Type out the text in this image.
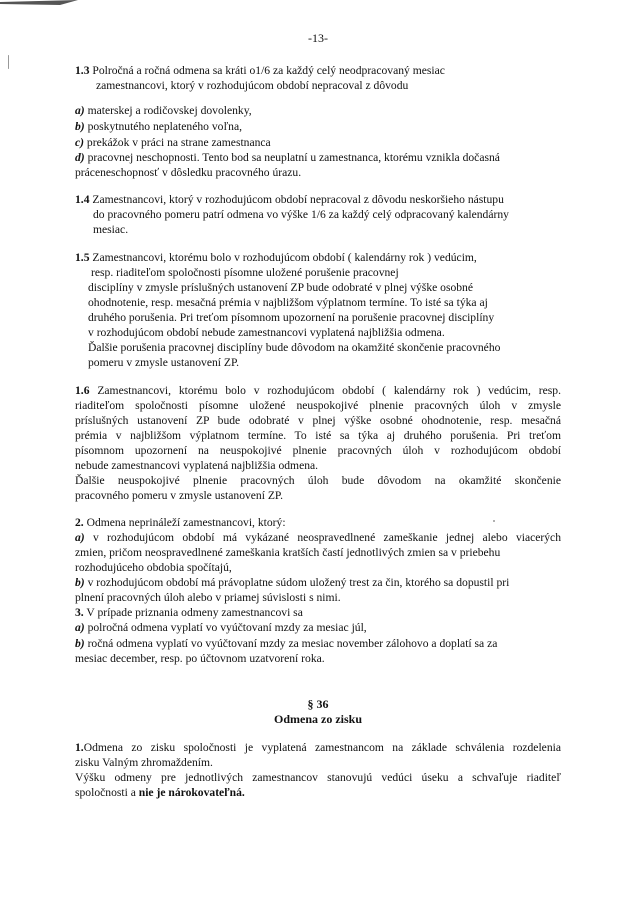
-13-
1.3 Polročná a ročná odmena sa kráti o1/6 za každý celý neodpracovaný mesiac
zamestnancovi, ktorý v rozhodujúcom období nepracoval z dôvodu
a) materskej a rodičovskej dovolenky,
b) poskytnutého neplateného voľna,
c) prekážok v práci na strane zamestnanca
d) pracovnej neschopnosti. Tento bod sa neuplatní u zamestnanca, ktorému vznikla dočasná
práceneschopnosť v dôsledku pracovného úrazu.
1.4 Zamestnancovi, ktorý v rozhodujúcom období nepracoval z dôvodu neskoršieho nástupu
do pracovného pomeru patrí odmena vo výške 1/6 za každý celý odpracovaný kalendárny
mesiac.
1.5 Zamestnancovi, ktorému bolo v rozhodujúcom období ( kalendárny rok ) vedúcim,
resp. riaditeľom spoločnosti písomne uložené porušenie pracovnej
disciplíny v zmysle príslušných ustanovení ZP bude odobraté v plnej výške osobné
ohodnotenie, resp. mesačná prémia v najbližšom výplatnom termíne. To isté sa týka aj
druhého porušenia. Pri treťom písomnom upozornení na porušenie pracovnej disciplíny
v rozhodujúcom období nebude zamestnancovi vyplatená najbližšia odmena.
Ďalšie porušenia pracovnej disciplíny bude dôvodom na okamžité skončenie pracovného
pomeru v zmysle ustanovení ZP.
1.6 Zamestnancovi, ktorému bolo v rozhodujúcom období ( kalendárny rok ) vedúcim, resp.
riaditeľom spoločnosti písomne uložené neuspokojivé plnenie pracovných úloh v zmysle
príslušných ustanovení ZP bude odobraté v plnej výške osobné ohodnotenie, resp. mesačná
prémia v najbližšom výplatnom termíne. To isté sa týka aj druhého porušenia. Pri treťom
písomnom upozornení na neuspokojivé plnenie pracovných úloh v rozhodujúcom období
nebude zamestnancovi vyplatená najbližšia odmena.
Ďalšie neuspokojivé plnenie pracovných úloh bude dôvodom na okamžité skončenie
pracovného pomeru v zmysle ustanovení ZP.
2. Odmena neprináleží zamestnancovi, ktorý:
a) v rozhodujúcom období má vykázané neospravedlnené zameškanie jednej alebo viacerých
zmien, pričom neospravedlnené zameškania kratších častí jednotlivých zmien sa v priebehu
rozhodujúceho obdobia spočítajú,
b) v rozhodujúcom období má právoplatne súdom uložený trest za čin, ktorého sa dopustil pri
plnení pracovných úloh alebo v priamej súvislosti s nimi.
3. V prípade priznania odmeny zamestnancovi sa
a) polročná odmena vyplatí vo vyúčtovaní mzdy za mesiac júl,
b) ročná odmena vyplatí vo vyúčtovaní mzdy za mesiac november zálohovo a doplatí sa za
mesiac december, resp. po účtovnom uzatvorení roka.
§ 36
Odmena zo zisku
1.Odmena zo zisku spoločnosti je vyplatená zamestnancom na základe schválenia rozdelenia
zisku Valným zhromaždením.
Výšku odmeny pre jednotlivých zamestnancov stanovujú vedúci úseku a schvaľuje riaditeľ
spoločnosti a nie je nárokovateľná.
